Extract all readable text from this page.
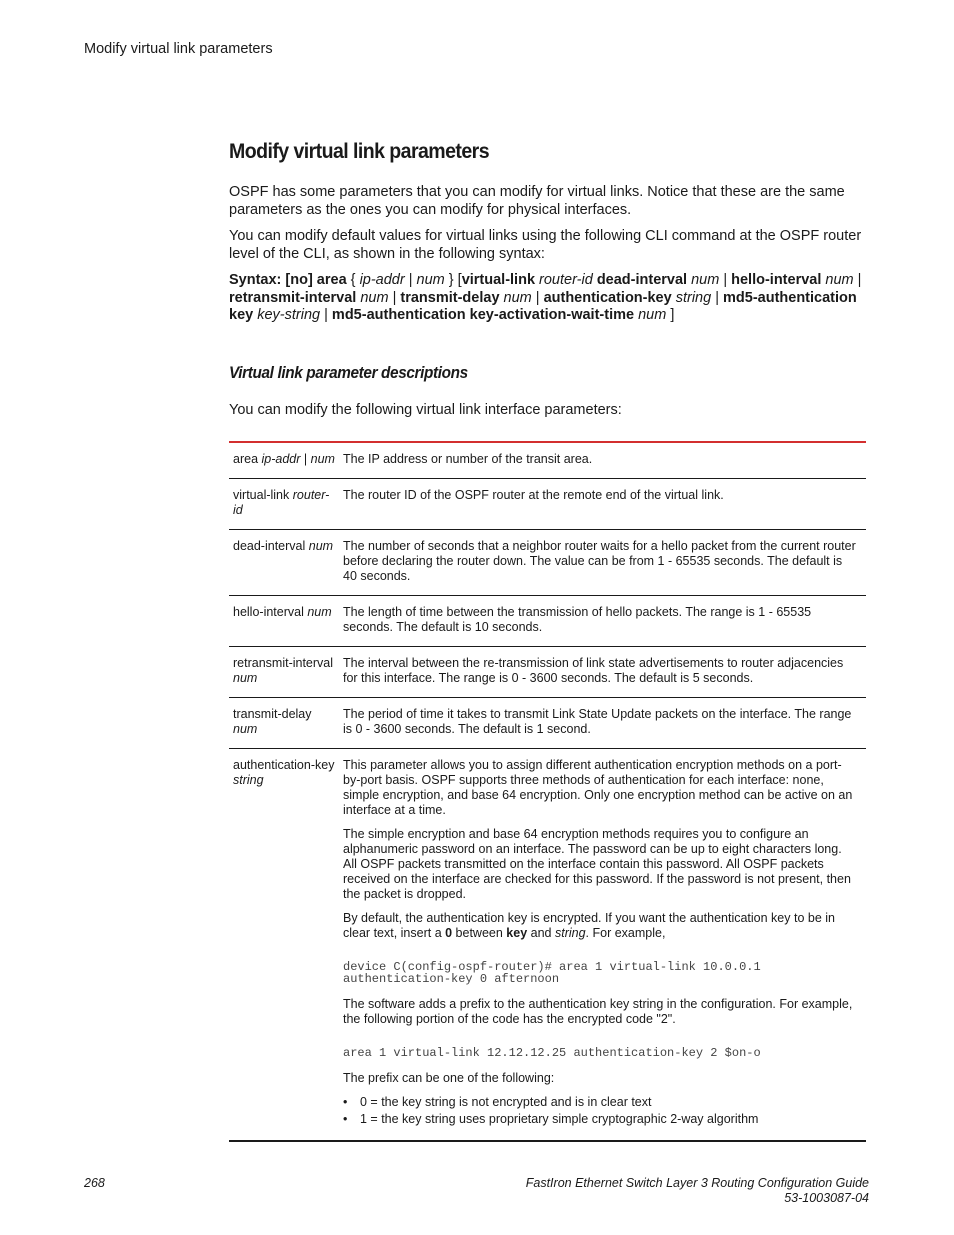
Modify virtual link parameters
Modify virtual link parameters

OSPF has some parameters that you can modify for virtual links. Notice that these are the same parameters as the ones you can modify for physical interfaces.

You can modify default values for virtual links using the following CLI command at the OSPF router level of the CLI, as shown in the following syntax:

Syntax: [no] area { ip-addr | num } [virtual-link router-id dead-interval num | hello-interval num | retransmit-interval num | transmit-delay num | authentication-key string | md5-authentication key key-string | md5-authentication key-activation-wait-time num ]

Virtual link parameter descriptions

You can modify the following virtual link interface parameters:

area ip-addr | num The IP address or number of the transit area.
virtual-link router-id
The router ID of the OSPF router at the remote end of the virtual link.
dead-interval num The number of seconds that a neighbor router waits for a hello packet from the current router before declaring the router down. The value can be from 1 - 65535 seconds. The default is 40 seconds.
hello-interval num The length of time between the transmission of hello packets. The range is 1 - 65535 seconds. The default is 10 seconds.
retransmit-interval num
The interval between the re-transmission of link state advertisements to router adjacencies for this interface. The range is 0 - 3600 seconds. The default is 5 seconds.
transmit-delay num
The period of time it takes to transmit Link State Update packets on the interface. The range is 0 - 3600 seconds. The default is 1 second.
authentication-key string

This parameter allows you to assign different authentication encryption methods on a port-by-port basis. OSPF supports three methods of authentication for each interface: none, simple encryption, and base 64 encryption. Only one encryption method can be active on an interface at a time.

The simple encryption and base 64 encryption methods requires you to configure an alphanumeric password on an interface. The password can be up to eight characters long. All OSPF packets transmitted on the interface contain this password. All OSPF packets received on the interface are checked for this password. If the password is not present, then the packet is dropped.

By default, the authentication key is encrypted. If you want the authentication key to be in clear text, insert a 0 between key and string. For example,

device C(config-ospf-router)# area 1 virtual-link 10.0.0.1
authentication-key 0 afternoon

The software adds a prefix to the authentication key string in the configuration. For example, the following portion of the code has the encrypted code "2".

area 1 virtual-link 12.12.12.25 authentication-key 2 $on-o

The prefix can be one of the following:

• 0 = the key string is not encrypted and is in clear text
• 1 = the key string uses proprietary simple cryptographic 2-way algorithm
268	FastIron Ethernet Switch Layer 3 Routing Configuration Guide
53-1003087-04
